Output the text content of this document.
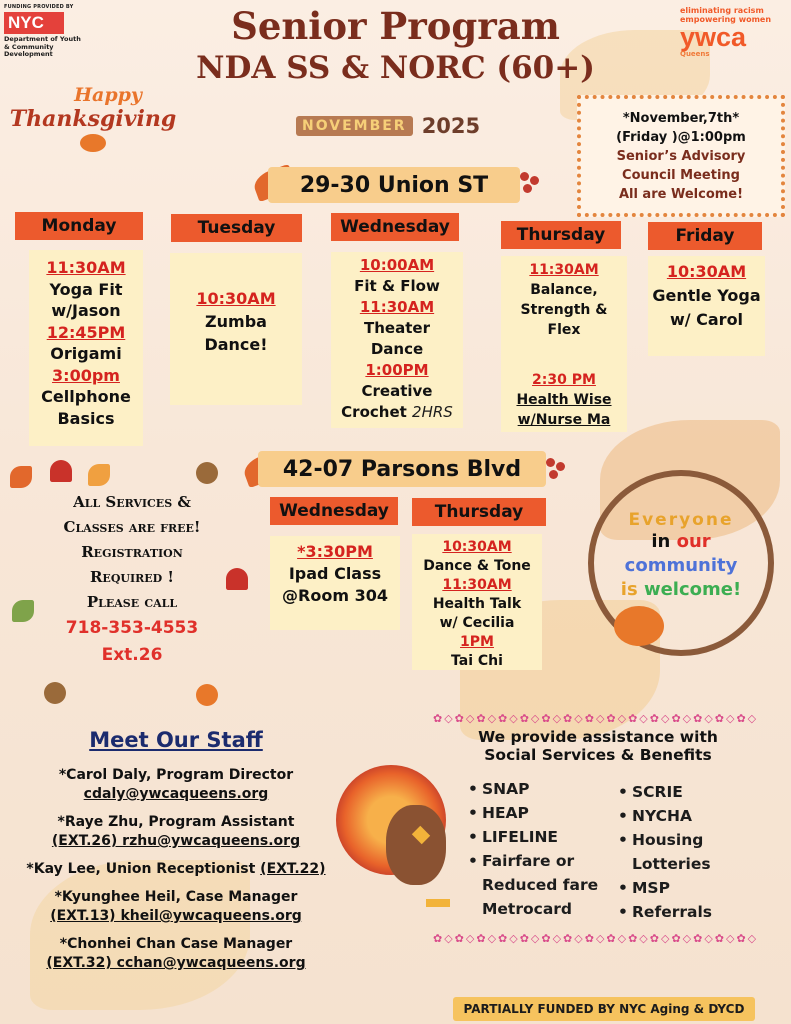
FUNDING PROVIDED BY
NYC
Department of Youth & Community Development
Senior Program
NDA SS & NORC (60+)
eliminating racism
empowering women
ywca
Queens
Happy
Thanksgiving	NOVEMBER 2025	*November,7th*
(Friday )@1:00pm
Senior’s Advisory
Council Meeting
All are Welcome!
29-30 Union ST
Monday
11:30AM
Yoga Fit w/Jason
12:45PM
Origami
3:00pm
Cellphone Basics
Tuesday
10:30AM
Zumba Dance!
Wednesday
10:00AM
Fit & Flow
11:30AM
Theater Dance
1:00PM
Creative Crochet 2HRS
Thursday
11:30AM
Balance, Strength & Flex
2:30 PM
Health Wise w/Nurse Ma
Friday
10:30AM
Gentle Yoga w/ Carol
42-07 Parsons Blvd
Wednesday
*3:30PM
Ipad Class @Room 304
Thursday
10:30AM
Dance & Tone
11:30AM
Health Talk w/ Cecilia
1PM
Tai Chi
All Services &
Classes are free!
Registration
Required !
Please call
718-353-4553
Ext.26
Everyone
in our
community
is welcome!
Meet Our Staff
*Carol Daly, Program Director
cdaly@ywcaqueens.org
*Raye Zhu, Program Assistant
(EXT.26) rzhu@ywcaqueens.org
*Kay Lee, Union Receptionist (EXT.22)
*Kyunghee Heil, Case Manager
(EXT.13) kheil@ywcaqueens.org
*Chonhei Chan Case Manager
(EXT.32) cchan@ywcaqueens.org
✿◇✿◇✿◇✿◇✿◇✿◇✿◇✿◇✿◇✿◇✿◇✿◇✿◇✿◇✿◇
We provide assistance with
Social Services & Benefits
• SNAP
• HEAP
• LIFELINE
• Fairfare or
Reduced fare
Metrocard
• SCRIE
• NYCHA
• Housing
Lotteries
• MSP
• Referrals
✿◇✿◇✿◇✿◇✿◇✿◇✿◇✿◇✿◇✿◇✿◇✿◇✿◇✿◇✿◇
PARTIALLY FUNDED BY NYC Aging & DYCD
